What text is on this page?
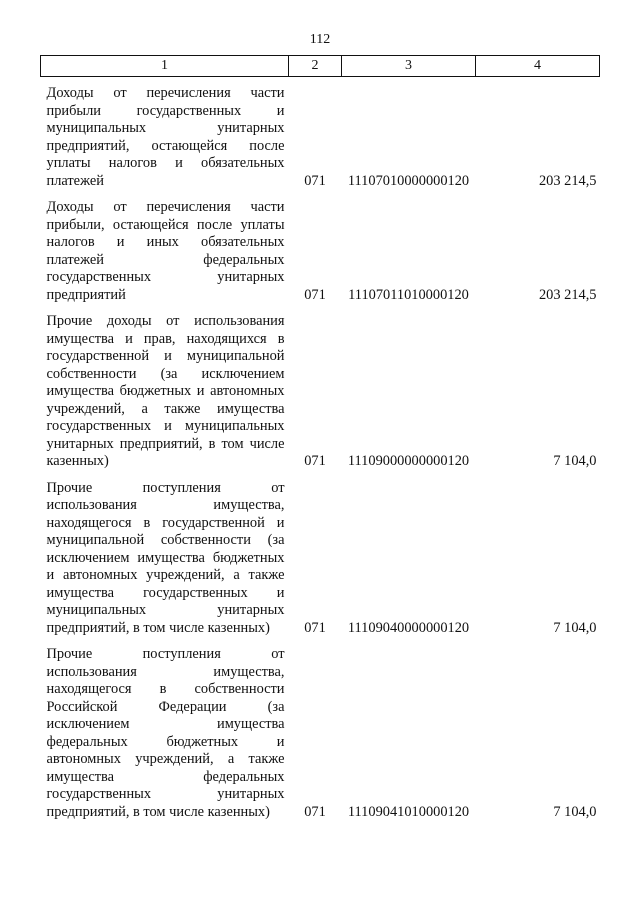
112
1	2	3	4
Доходы от перечисления части прибыли государственных и муниципальных унитарных предприятий, остающейся после уплаты налогов и обязательных платежей	071	11107010000000120	203 214,5
Доходы от перечисления части прибыли, остающейся после уплаты налогов и иных обязательных платежей федеральных государственных унитарных предприятий	071	11107011010000120	203 214,5
Прочие доходы от использования имущества и прав, находящихся в государственной и муниципальной собственности (за исключением имущества бюджетных и автономных учреждений, а также имущества государственных и муниципальных унитарных предприятий, в том числе казенных)	071	11109000000000120	7 104,0
Прочие поступления от использования имущества, находящегося в государственной и муниципальной собственности (за исключением имущества бюджетных и автономных учреждений, а также имущества государственных и муниципальных унитарных предприятий, в том числе казенных)	071	11109040000000120	7 104,0
Прочие поступления от использования имущества, находящегося в собственности Российской Федерации (за исключением имущества федеральных бюджетных и автономных учреждений, а также имущества федеральных государственных унитарных предприятий, в том числе казенных)	071	11109041010000120	7 104,0
